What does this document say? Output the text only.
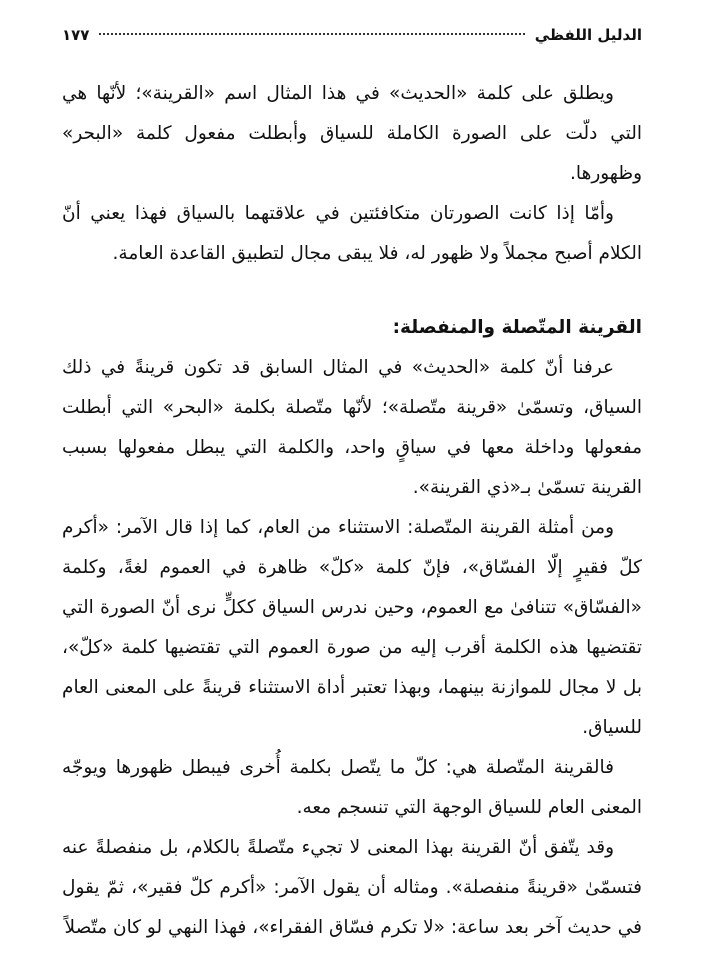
الدليل اللفظي
١٧٧

ويطلق على كلمة «الحديث» في هذا المثال اسم «القرينة»؛ لأنّها هي التي دلّت على الصورة الكاملة للسياق وأبطلت مفعول كلمة «البحر» وظهورها.

وأمّا إذا كانت الصورتان متكافئتين في علاقتهما بالسياق فهذا يعني أنّ الكلام أصبح مجملاً ولا ظهور له، فلا يبقى مجال لتطبيق القاعدة العامة.

القرينة المتّصلة والمنفصلة:

عرفنا أنّ كلمة «الحديث» في المثال السابق قد تكون قرينةً في ذلك السياق، وتسمّىٰ «قرينة متّصلة»؛ لأنّها متّصلة بكلمة «البحر» التي أبطلت مفعولها وداخلة معها في سياقٍ واحد، والكلمة التي يبطل مفعولها بسبب القرينة تسمّىٰ بـ«ذي القرينة».

ومن أمثلة القرينة المتّصلة: الاستثناء من العام، كما إذا قال الآمر: «أكرم كلّ فقيرٍ إلّا الفسّاق»، فإنّ كلمة «كلّ» ظاهرة في العموم لغةً، وكلمة «الفسّاق» تتنافىٰ مع العموم، وحين ندرس السياق ككلٍّ نرى أنّ الصورة التي تقتضيها هذه الكلمة أقرب إليه من صورة العموم التي تقتضيها كلمة «كلّ»، بل لا مجال للموازنة بينهما، وبهذا تعتبر أداة الاستثناء قرينةً على المعنى العام للسياق.

فالقرينة المتّصلة هي: كلّ ما يتّصل بكلمة أُخرى فيبطل ظهورها ويوجّه المعنى العام للسياق الوجهة التي تنسجم معه.

وقد يتّفق أنّ القرينة بهذا المعنى لا تجيء متّصلةً بالكلام، بل منفصلةً عنه فتسمّىٰ «قرينةً منفصلة». ومثاله أن يقول الآمر: «أكرم كلّ فقير»، ثمّ يقول في حديث آخر بعد ساعة: «لا تكرم فسّاق الفقراء»، فهذا النهي لو كان متّصلاً
